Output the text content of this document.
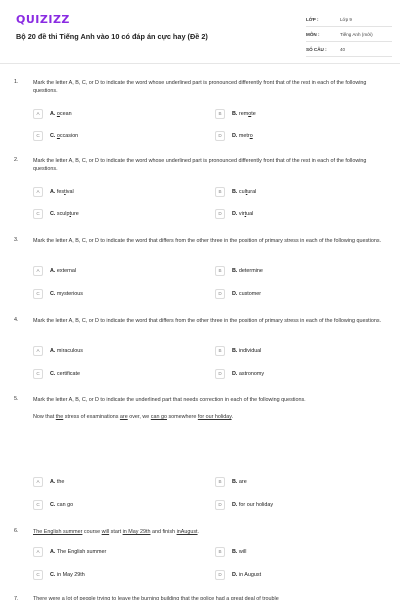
QUIZIZZ
Bộ 20 đề thi Tiếng Anh vào 10 có đáp án cực hay (Đề 2)
LỚP :	Lớp 9
MÔN :	Tiếng Anh (mới)
SỐ CÂU :	40
1.	Mark the letter A, B, C, or D to indicate the word whose underlined part is pronounced differently front that of the rest in each of the following questions.
A	A. ocean	B	B. remote
C	C. occasion	D	D. metro
2.	Mark the letter A, B, C, or D to indicate the word whose underlined part is pronounced differently front that of the rest in each of the following questions.
A	A. festival	B	B. cultural
C	C. sculpture	D	D. virtual
3.	Mark the letter A, B, C, or D to indicate the word that differs from the other three in the position of primary stress in each of the following questions.
A	A. external	B	B. determine
C	C. mysterious	D	D. customer
4.	Mark the letter A, B, C, or D to indicate the word that differs from the other three in the position of primary stress in each of the following questions.
A	A. miraculous	B	B. individual
C	C. certificate	D	D. astronomy
5.	Mark the letter A, B, C, or D to indicate the underlined part that needs correction in each of the following questions.
Now that the stress of examinations are over, we can go somewhere for our holiday.
A	A. the	B	B. are
C	C. can go	D	D. for our holiday
6.	The English summer course will start in May 29th and finish inAugust.
A	A. The English summer	B	B. will
C	C. in May 29th	D	D. in August
7.	There were a lot of people trying to leave the burning building that the police had a great deal of trouble
